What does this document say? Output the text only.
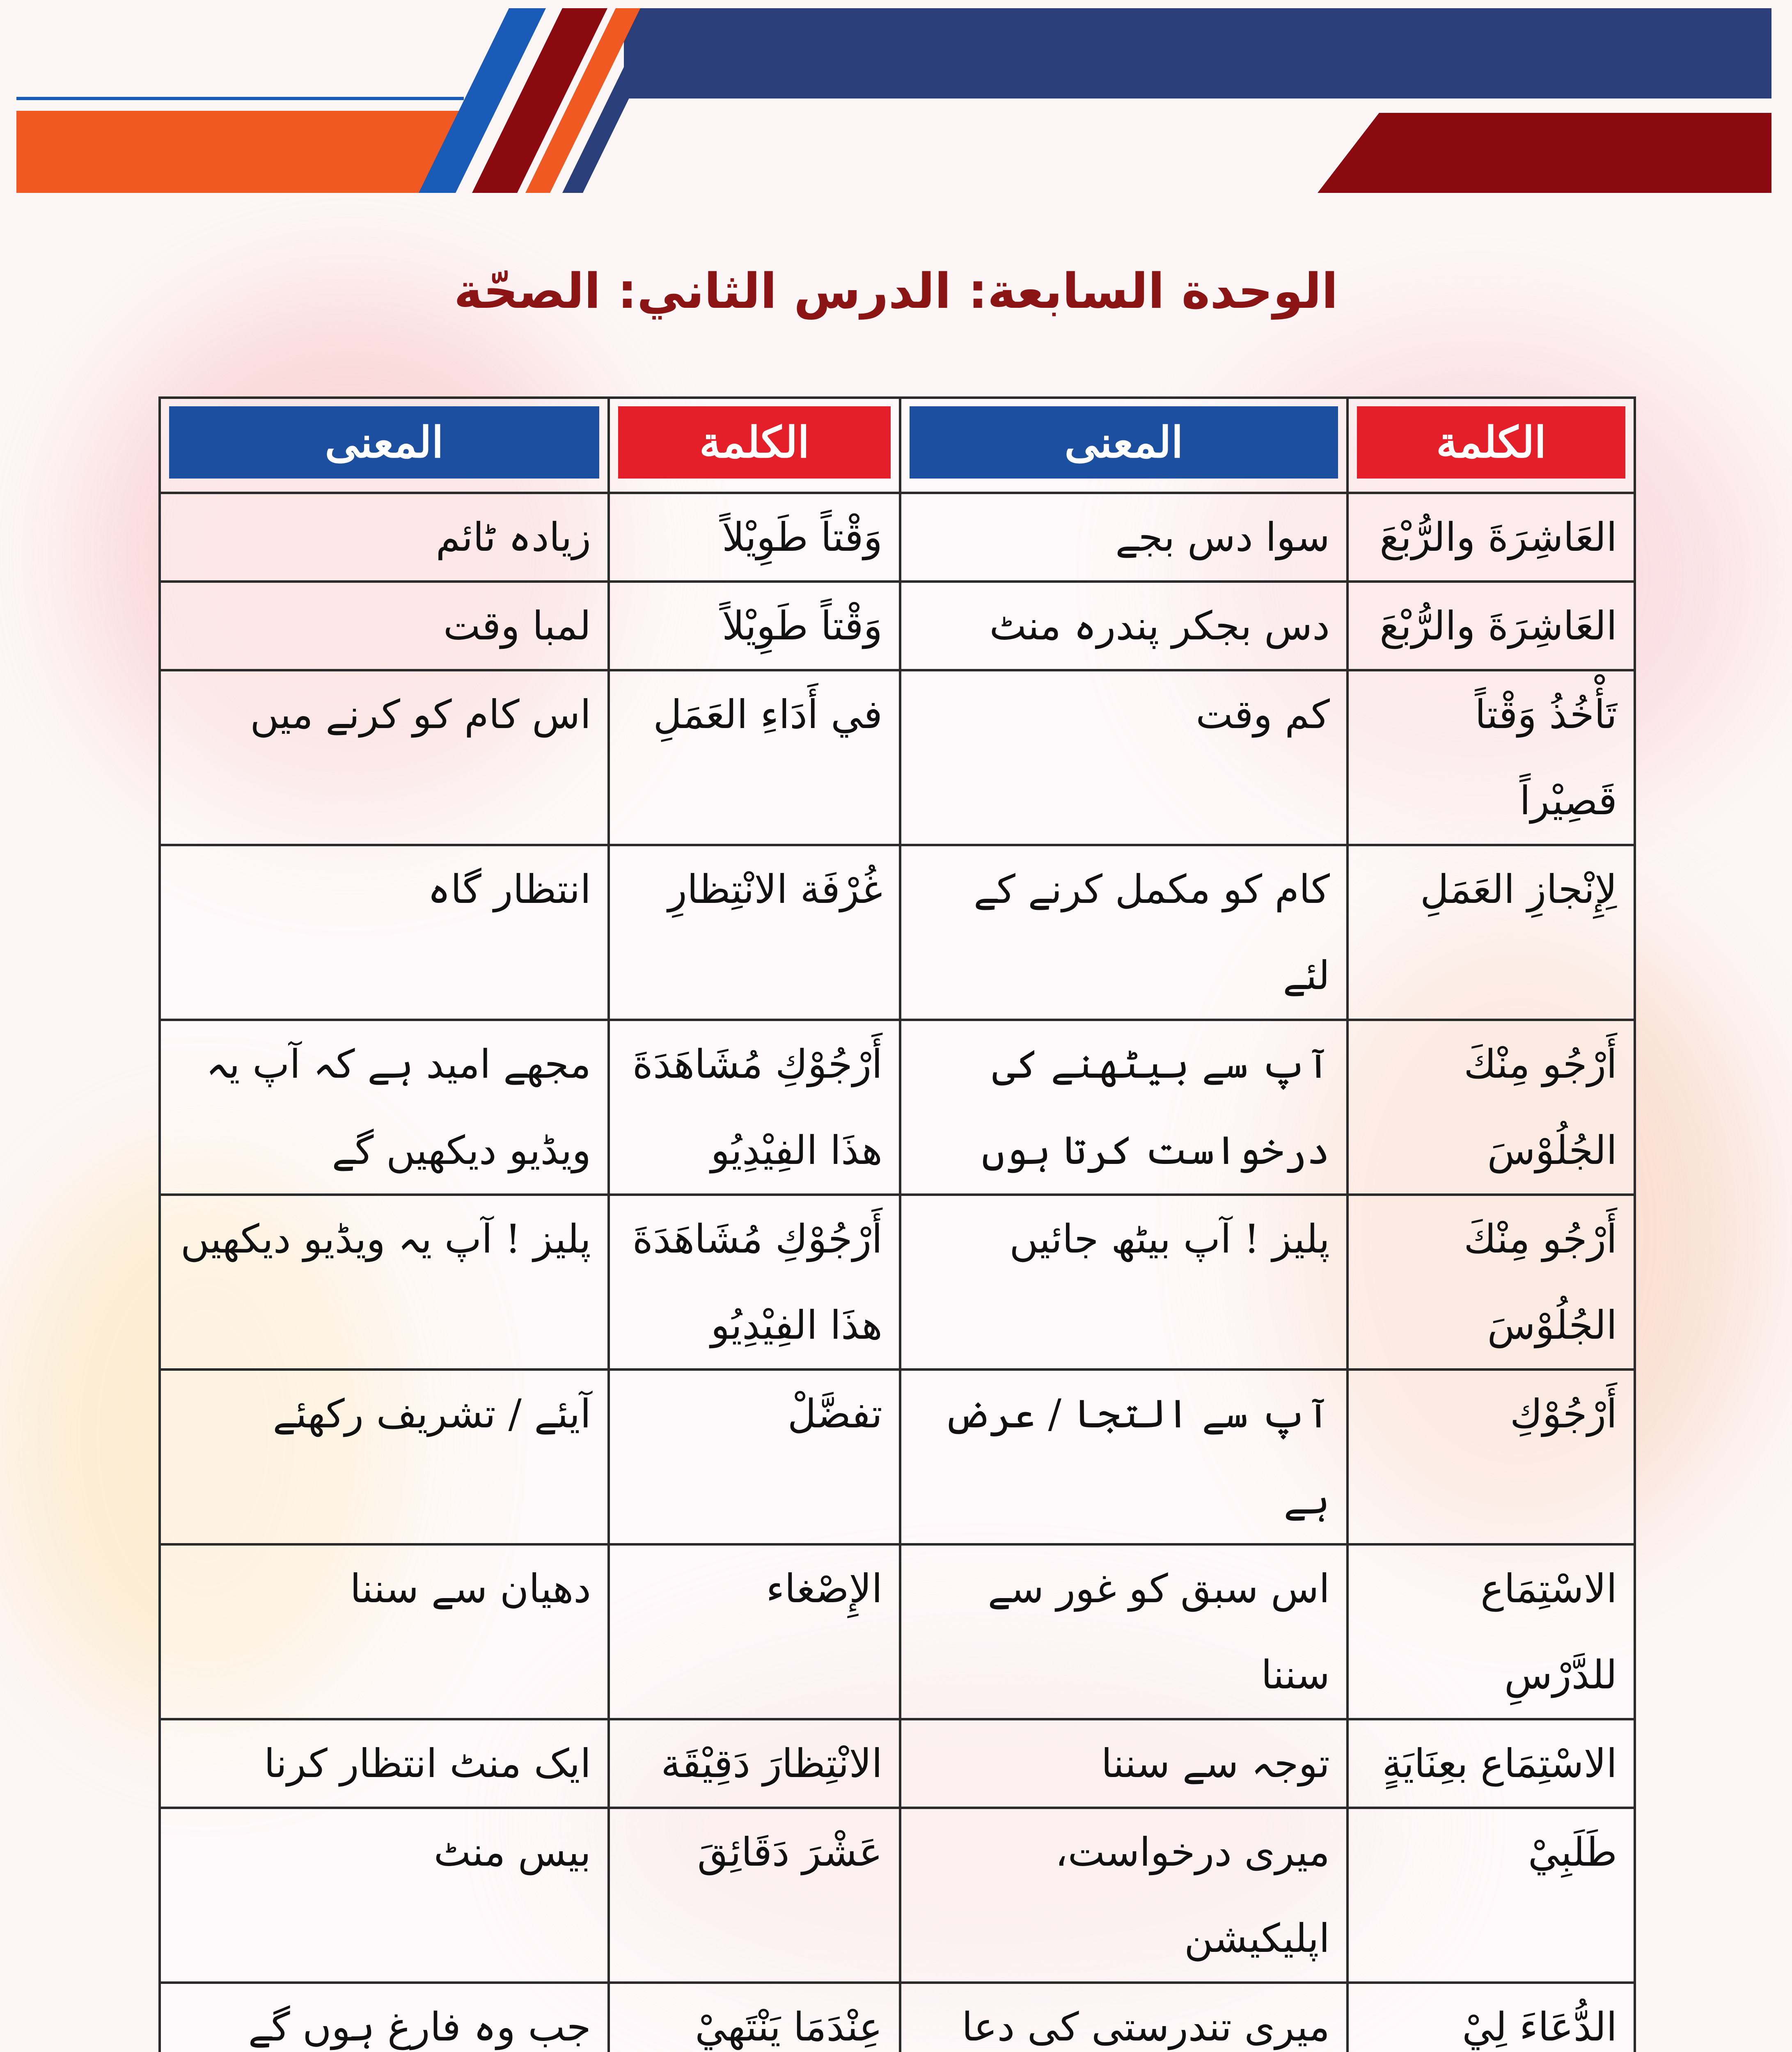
الوحدة السابعة: الدرس الثاني: الصحّة
الكلمة	المعنى	الكلمة	المعنى

العَاشِرَةَ والرُّبْعَ	سوا دس بجے	وَقْتاً طَوِيْلاً	زیادہ ٹائم
العَاشِرَةَ والرُّبْعَ	دس بجکر پندرہ منٹ	وَقْتاً طَوِيْلاً	لمبا وقت
تَأْخُذُ وَقْتاً قَصِيْراً	کم وقت	في أَدَاءِ العَمَلِ	اس کام کو کرنے میں
لِإِنْجازِ العَمَلِ	کام کو مکمل کرنے کے لئے	غُرْفَة الانْتِظارِ	انتظار گاہ
أَرْجُو مِنْكَ الجُلُوْسَ	آپ سے بیٹھنے کی درخواست کرتا ہوں	أَرْجُوْكِ مُشَاهَدَةَ هذَا الفِيْدِيُو	مجھے امید ہے کہ آپ یہ ویڈیو دیکھیں گے
أَرْجُو مِنْكَ الجُلُوْسَ	پلیز ! آپ بیٹھ جائیں	أَرْجُوْكِ مُشَاهَدَةَ هذَا الفِيْدِيُو	پلیز ! آپ یہ ویڈیو دیکھیں
أَرْجُوْكِ	آپ سے التجا / عرض ہے	تفضَّلْ	آیئے / تشریف رکھئے
الاسْتِمَاع للدَّرْسِ	اس سبق کو غور سے سننا	الإِصْغاء	دھیان سے سننا
الاسْتِمَاع بعِنَايَةٍ	توجہ سے سننا	الانْتِظارَ دَقِيْقَة	ایک منٹ انتظار کرنا
طَلَبِيْ	میری درخواست، اپلیکیشن	عَشْرَ دَقَائِقَ	بیس منٹ
الدُّعَاءَ لِيْ	میری تندرستی کی دعا	عِنْدَمَا يَنْتَهِيْ	جب وہ فارغ ہوں گے
